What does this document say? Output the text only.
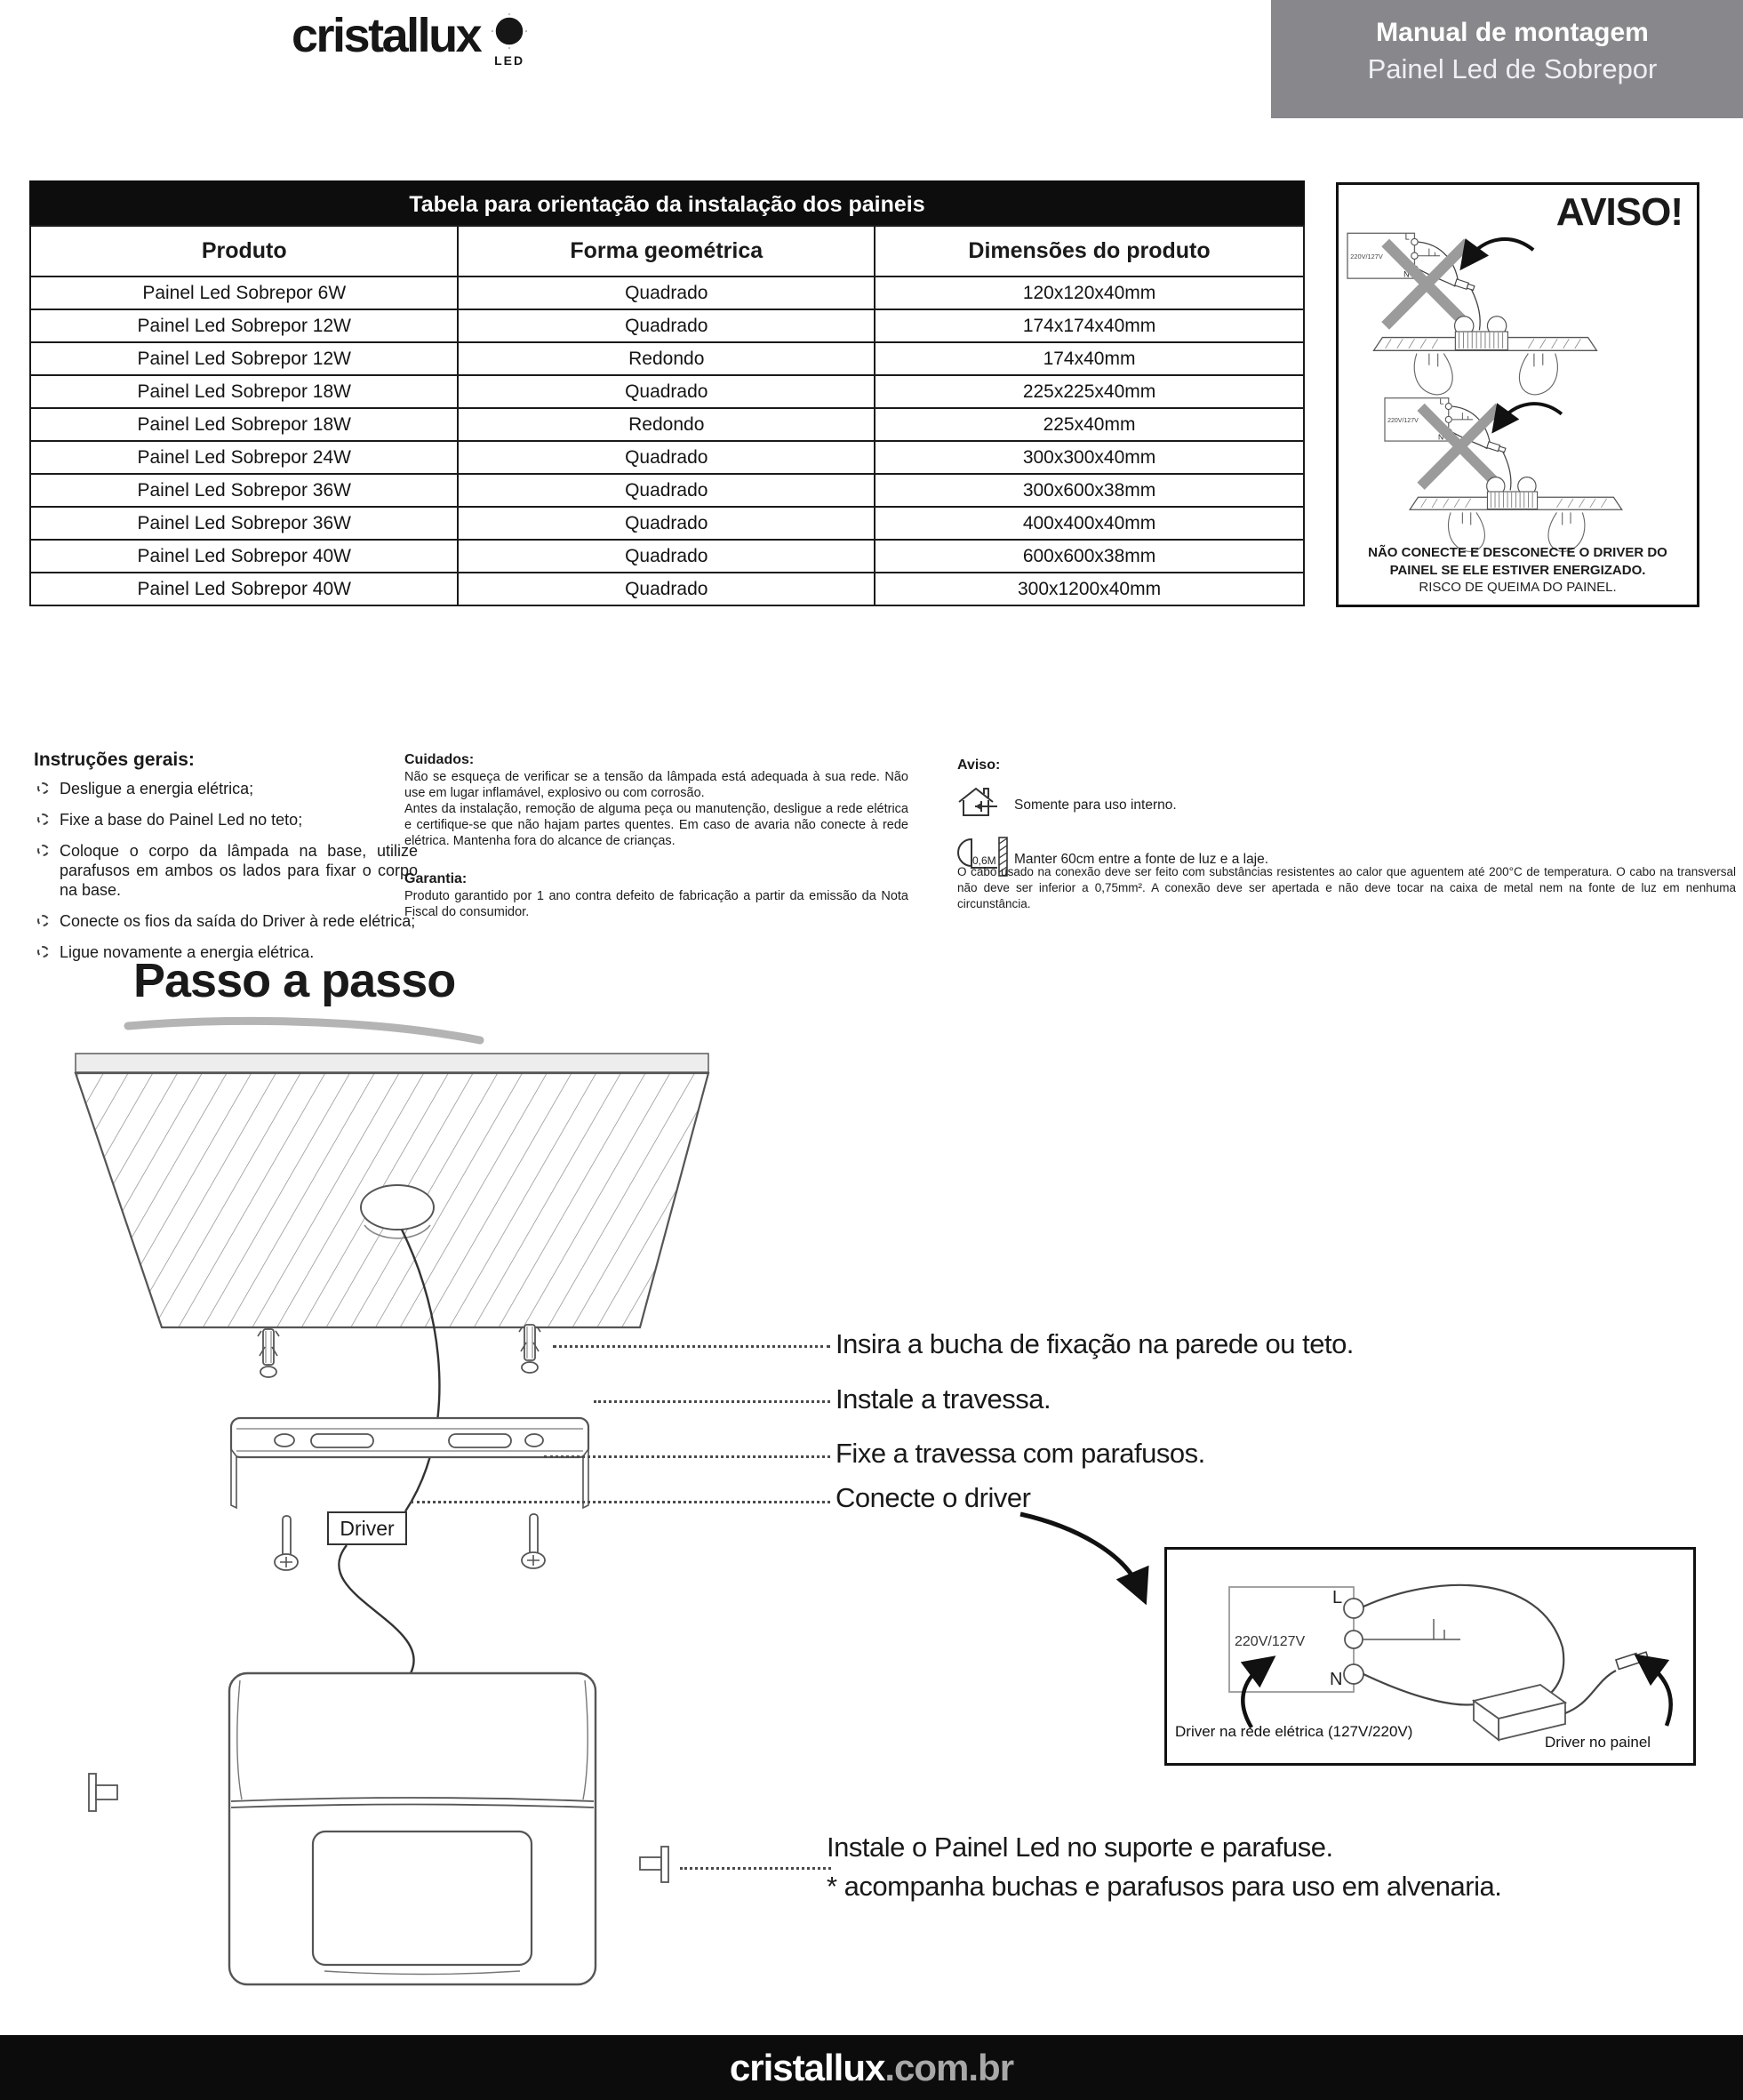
cristallux LED
Manual de montagem
Painel Led de Sobrepor
Tabela para orientação da instalação dos paineis
Produto	Forma geométrica	Dimensões do produto
Painel Led Sobrepor 6W	Quadrado	120x120x40mm
Painel Led Sobrepor 12W	Quadrado	174x174x40mm
Painel Led Sobrepor 12W	Redondo	174x40mm
Painel Led Sobrepor 18W	Quadrado	225x225x40mm
Painel Led Sobrepor 18W	Redondo	225x40mm
Painel Led Sobrepor 24W	Quadrado	300x300x40mm
Painel Led Sobrepor 36W	Quadrado	300x600x38mm
Painel Led Sobrepor 36W	Quadrado	400x400x40mm
Painel Led Sobrepor 40W	Quadrado	600x600x38mm
Painel Led Sobrepor 40W	Quadrado	300x1200x40mm
AVISO!
220V/127V
L
NÃO CONECTE E DESCONECTE O DRIVER DO PAINEL SE ELE ESTIVER ENERGIZADO.
RISCO DE QUEIMA DO PAINEL.
Instruções gerais:
Desligue a energia elétrica;
Fixe a base do Painel Led no teto;
Coloque o corpo da lâmpada na base, utilize parafusos em ambos os lados para fixar o corpo na base.
Conecte os fios da saída do Driver à rede elétrica;
Ligue novamente a energia elétrica.
Cuidados:
Não se esqueça de verificar se a tensão da lâmpada está adequada à sua rede. Não use em lugar inflamável, explosivo ou com corrosão.
Antes da instalação, remoção de alguma peça ou manutenção, desligue a rede elétrica e certifique-se que não hajam partes quentes. Em caso de avaria não conecte à rede elétrica. Mantenha fora do alcance de crianças.
Garantia:
Produto garantido por 1 ano contra defeito de fabricação a partir da emissão da Nota Fiscal do consumidor.
Aviso:
Somente para uso interno.
0,6M Manter 60cm entre a fonte de luz e a laje.
O cabo usado na conexão deve ser feito com substâncias resistentes ao calor que aguentem até 200°C de temperatura. O cabo na transversal não deve ser inferior a 0,75mm². A conexão deve ser apertada e não deve tocar na caixa de metal nem na fonte de luz em nenhuma circunstância.
Passo a passo
Driver
Insira a bucha de fixação na parede ou teto.
Instale a travessa.
Fixe a travessa com parafusos.
Conecte o driver
Instale o Painel Led no suporte e parafuse.
* acompanha buchas e parafusos para uso em alvenaria.
220V/127V
L
N
Driver na rede elétrica (127V/220V)
Driver no painel
cristallux .com.br
